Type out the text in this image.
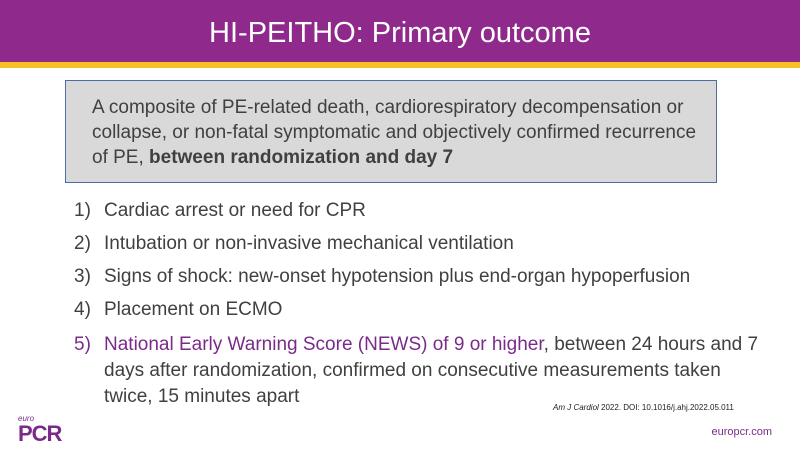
HI-PEITHO: Primary outcome
A composite of PE-related death, cardiorespiratory decompensation or collapse, or non-fatal symptomatic and objectively confirmed recurrence of PE, between randomization and day 7
1) Cardiac arrest or need for CPR
2) Intubation or non-invasive mechanical ventilation
3) Signs of shock: new-onset hypotension plus end-organ hypoperfusion
4) Placement on ECMO
5) National Early Warning Score (NEWS) of 9 or higher, between 24 hours and 7 days after randomization, confirmed on consecutive measurements taken twice, 15 minutes apart
Am J Cardiol 2022. DOI: 10.1016/j.ahj.2022.05.011
euro
PCR	europcr.com
